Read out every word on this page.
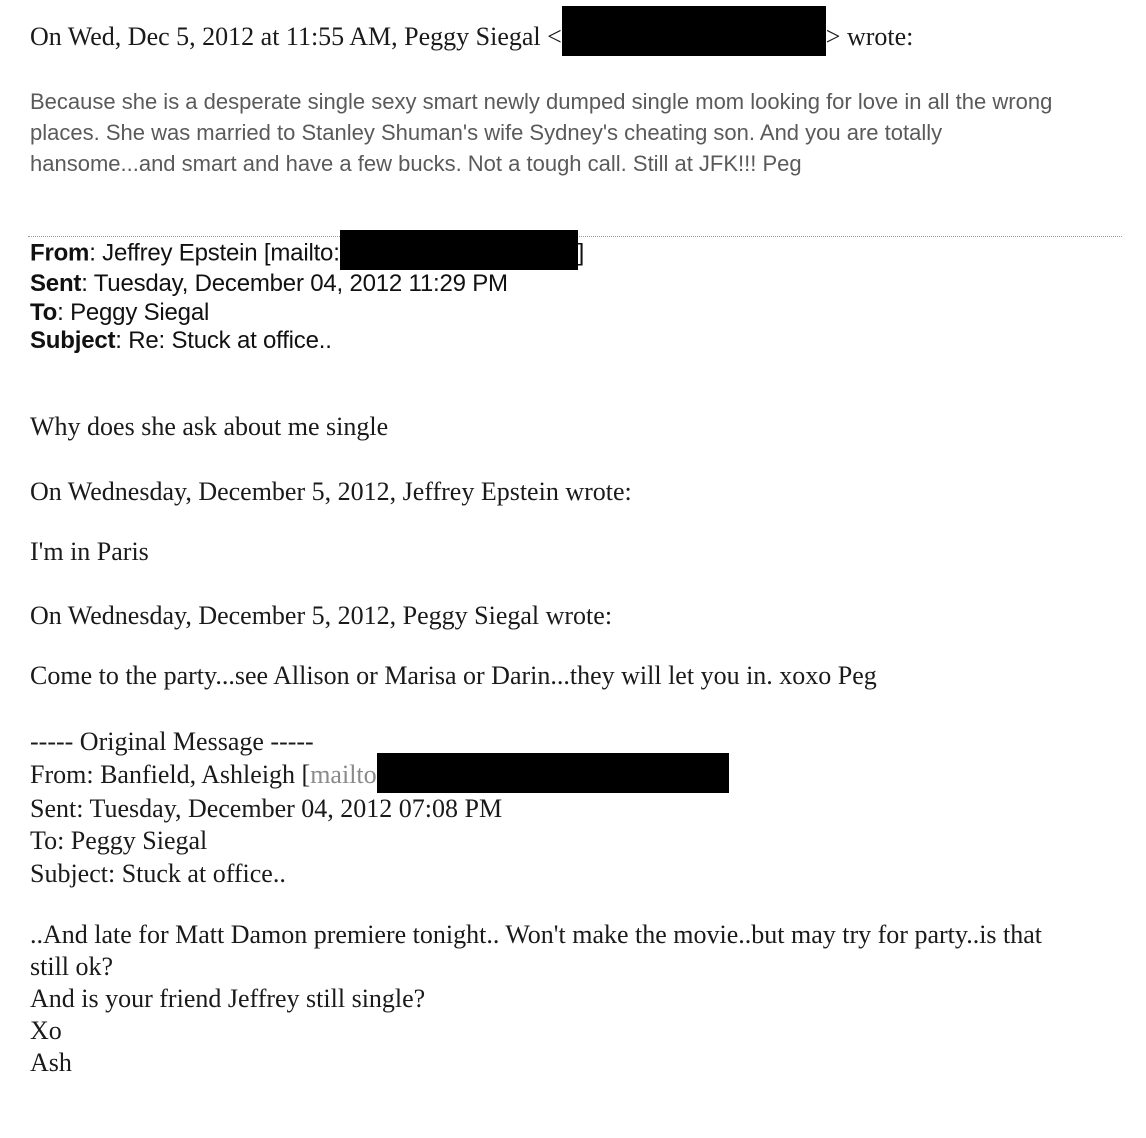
On Wed, Dec 5, 2012 at 11:55 AM, Peggy Siegal <	> wrote:
Because she is a desperate single sexy smart newly dumped single mom looking for love in all the wrong
places. She was married to Stanley Shuman's wife Sydney's cheating son. And you are totally
hansome...and smart and have a few bucks. Not a tough call. Still at JFK!!! Peg
From: Jeffrey Epstein [mailto:	]
Sent: Tuesday, December 04, 2012 11:29 PM
To: Peggy Siegal
Subject: Re: Stuck at office..
Why does she ask about me single
On Wednesday, December 5, 2012, Jeffrey Epstein wrote:
I'm in Paris
On Wednesday, December 5, 2012, Peggy Siegal wrote:
Come to the party...see Allison or Marisa or Darin...they will let you in. xoxo Peg
----- Original Message -----
From: Banfield, Ashleigh [mailto
Sent: Tuesday, December 04, 2012 07:08 PM
To: Peggy Siegal
Subject: Stuck at office..
..And late for Matt Damon premiere tonight.. Won't make the movie..but may try for party..is that
still ok?
And is your friend Jeffrey still single?
Xo
Ash
